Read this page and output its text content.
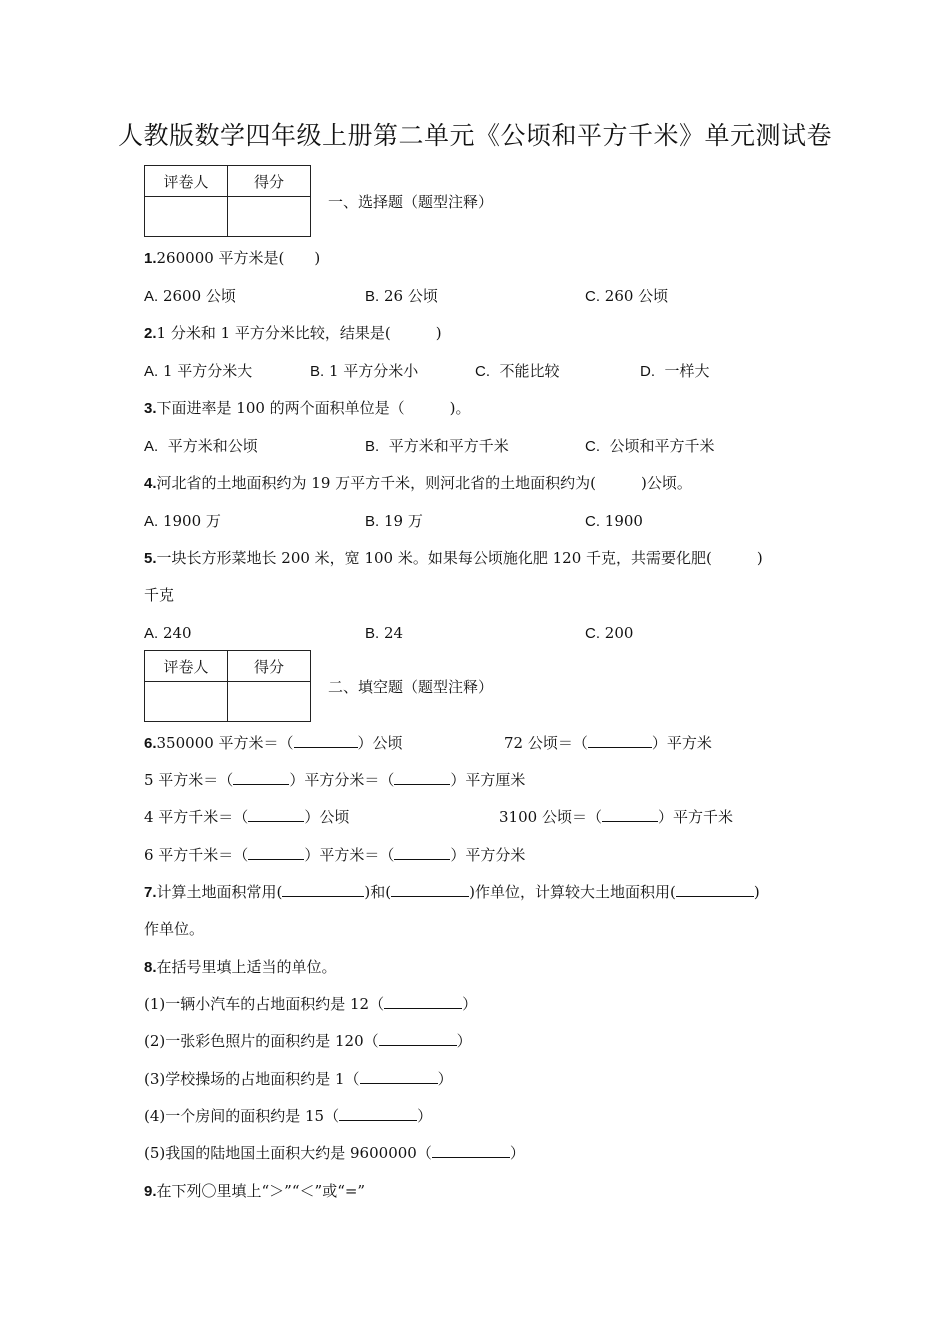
人教版数学四年级上册第二单元《公顷和平方千米》单元测试卷
评卷人	得分

一、选择题（题型注释）
1.260000 平方米是(　　)
A. 2600 公顷	B. 26 公顷	C. 260 公顷
2.1 分米和 1 平方分米比较，结果是(　　　)
A. 1 平方分米大	B. 1 平方分米小	C. 不能比较	D. 一样大
3.下面进率是 100 的两个面积单位是（　　　)。
A. 平方米和公顷	B. 平方米和平方千米	C. 公顷和平方千米
4.河北省的土地面积约为 19 万平方千米，则河北省的土地面积约为(　　　)公顷。
A. 1900 万	B. 19 万	C. 1900
5.一块长方形菜地长 200 米，宽 100 米。如果每公顷施化肥 120 千克，共需要化肥(　　　)
千克
A. 240	B. 24	C. 200
评卷人	得分

二、填空题（题型注释）
6.350000 平方米＝（	）公顷	72 公顷＝（	）平方米
5 平方米＝（	）平方分米＝（	）平方厘米
4 平方千米＝（	）公顷	3100 公顷＝（	）平方千米
6 平方千米＝（	）平方米＝（	）平方分米
7.计算土地面积常用(	)和(	)作单位，计算较大土地面积用(	)
作单位。
8.在括号里填上适当的单位。
(1)一辆小汽车的占地面积约是 12（	）
(2)一张彩色照片的面积约是 120（	）
(3)学校操场的占地面积约是 1（	）
(4)一个房间的面积约是 15（	）
(5)我国的陆地国土面积大约是 9600000（	）
9.在下列〇里填上“＞”“＜”或“=”
